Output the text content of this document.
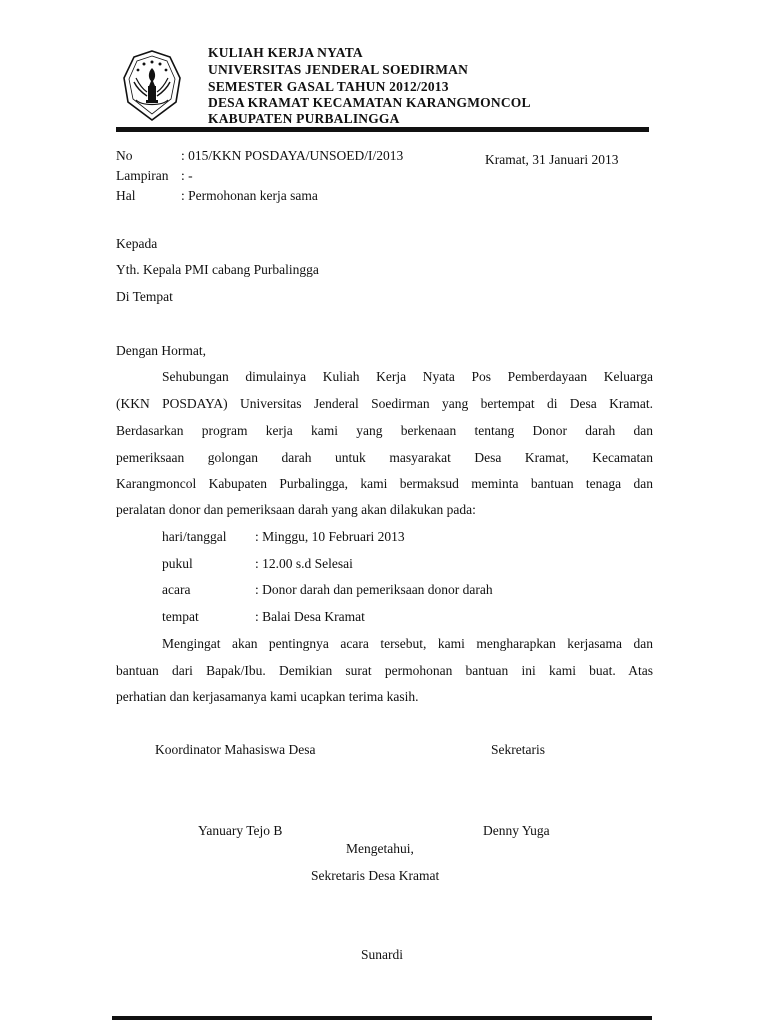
KULIAH KERJA NYATA
UNIVERSITAS JENDERAL SOEDIRMAN
SEMESTER GASAL TAHUN 2012/2013
DESA KRAMAT KECAMATAN KARANGMONCOL
KABUPATEN PURBALINGGA
No	: 015/KKN POSDAYA/UNSOED/I/2013	Kramat, 31 Januari 2013
Lampiran : -
Hal	: Permohonan kerja sama
Kepada
Yth. Kepala PMI cabang Purbalingga
Di Tempat
Dengan Hormat,
Sehubungan dimulainya Kuliah Kerja Nyata Pos Pemberdayaan Keluarga
(KKN POSDAYA) Universitas Jenderal Soedirman yang bertempat di Desa Kramat.
Berdasarkan program kerja kami yang berkenaan tentang Donor darah dan
pemeriksaan golongan darah untuk masyarakat Desa Kramat, Kecamatan
Karangmoncol Kabupaten Purbalingga, kami bermaksud meminta bantuan tenaga dan
peralatan donor dan pemeriksaan darah yang akan dilakukan pada:
hari/tanggal : Minggu, 10 Februari 2013
pukul	: 12.00 s.d Selesai
acara	: Donor darah dan pemeriksaan donor darah
tempat	: Balai Desa Kramat
Mengingat akan pentingnya acara tersebut, kami mengharapkan kerjasama dan
bantuan dari Bapak/Ibu. Demikian surat permohonan bantuan ini kami buat. Atas
perhatian dan kerjasamanya kami ucapkan terima kasih.
Koordinator Mahasiswa Desa	Sekretaris
Yanuary Tejo B	Denny Yuga
Mengetahui,
Sekretaris Desa Kramat
Sunardi
